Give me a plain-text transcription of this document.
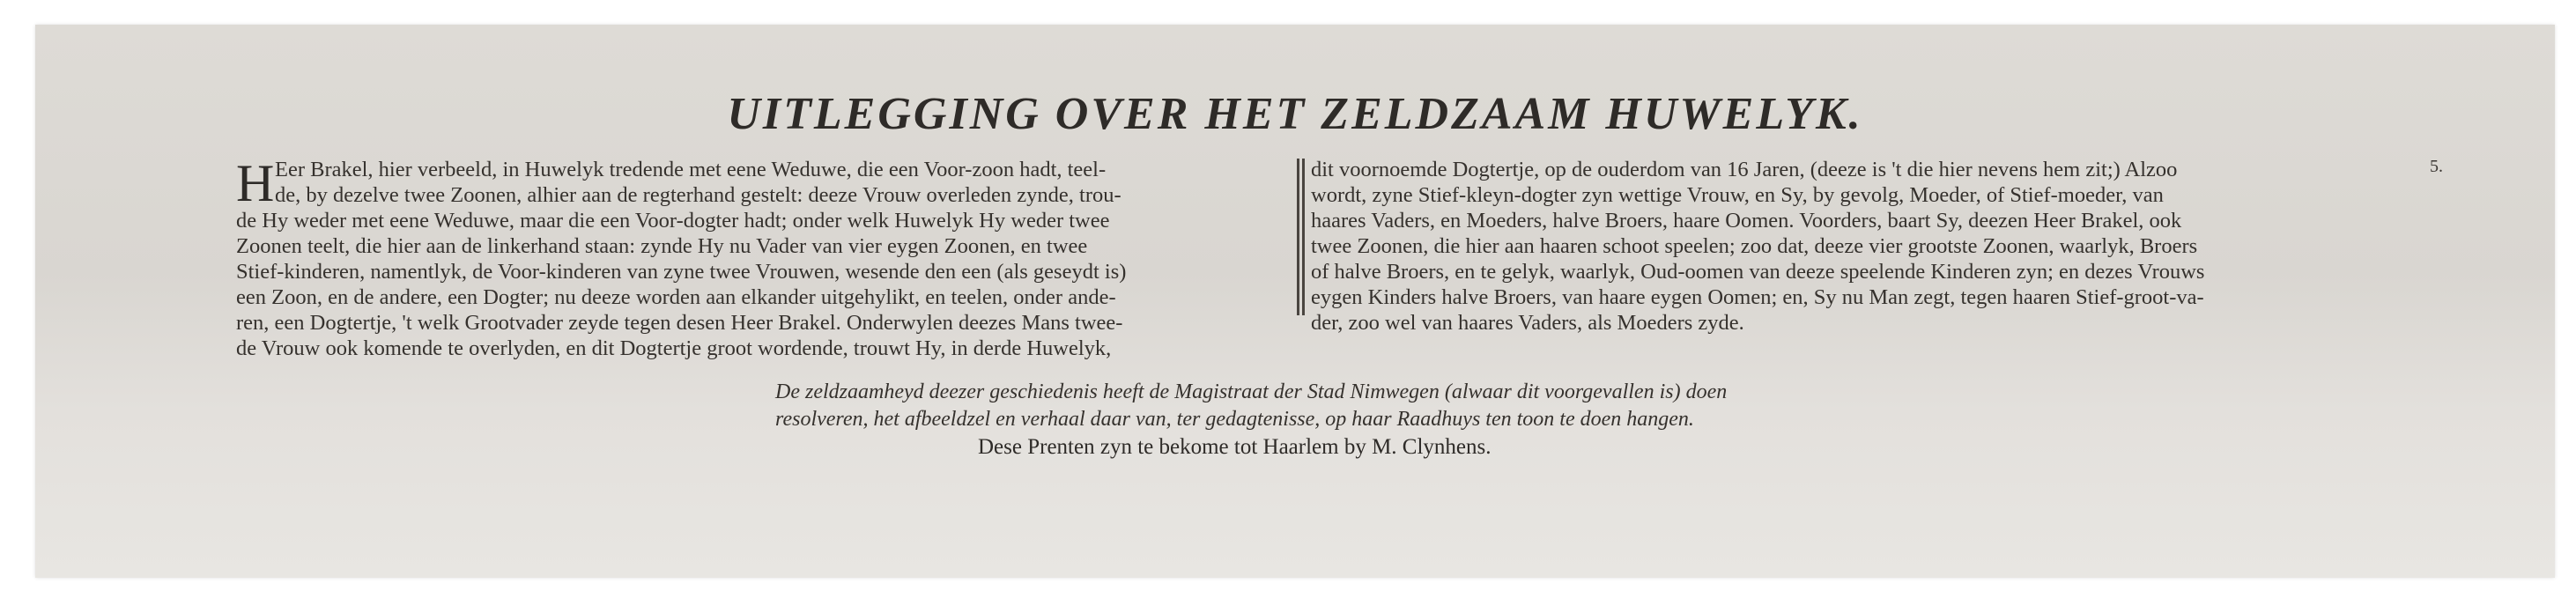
UITLEGGING OVER HET ZELDZAAM HUWELYK.
H Eer Brakel, hier verbeeld, in Huwelyk tredende met eene Weduwe, die een Voor-zoon hadt, teel-
de, by dezelve twee Zoonen, alhier aan de regterhand gestelt: deeze Vrouw overleden zynde, trou-
de Hy weder met eene Weduwe, maar die een Voor-dogter hadt; onder welk Huwelyk Hy weder twee
Zoonen teelt, die hier aan de linkerhand staan: zynde Hy nu Vader van vier eygen Zoonen, en twee
Stief-kinderen, namentlyk, de Voor-kinderen van zyne twee Vrouwen, wesende den een (als geseydt is)
een Zoon, en de andere, een Dogter; nu deeze worden aan elkander uitgehylikt, en teelen, onder ande-
ren, een Dogtertje, 't welk Grootvader zeyde tegen desen Heer Brakel. Onderwylen deezes Mans twee-
de Vrouw ook komende te overlyden, en dit Dogtertje groot wordende, trouwt Hy, in derde Huwelyk,
dit voornoemde Dogtertje, op de ouderdom van 16 Jaren, (deeze is 't die hier nevens hem zit;) Alzoo
wordt, zyne Stief-kleyn-dogter zyn wettige Vrouw, en Sy, by gevolg, Moeder, of Stief-moeder, van
haares Vaders, en Moeders, halve Broers, haare Oomen. Voorders, baart Sy, deezen Heer Brakel, ook
twee Zoonen, die hier aan haaren schoot speelen; zoo dat, deeze vier grootste Zoonen, waarlyk, Broers
of halve Broers, en te gelyk, waarlyk, Oud-oomen van deeze speelende Kinderen zyn; en dezes Vrouws
eygen Kinders halve Broers, van haare eygen Oomen; en, Sy nu Man zegt, tegen haaren Stief-groot-va-
der, zoo wel van haares Vaders, als Moeders zyde.
5.
De zeldzaamheyd deezer geschiedenis heeft de Magistraat der Stad Nimwegen (alwaar dit voorgevallen is) doen
resolveren, het afbeeldzel en verhaal daar van, ter gedagtenisse, op haar Raadhuys ten toon te doen hangen.
Dese Prenten zyn te bekome tot Haarlem by M. Clynhens.
